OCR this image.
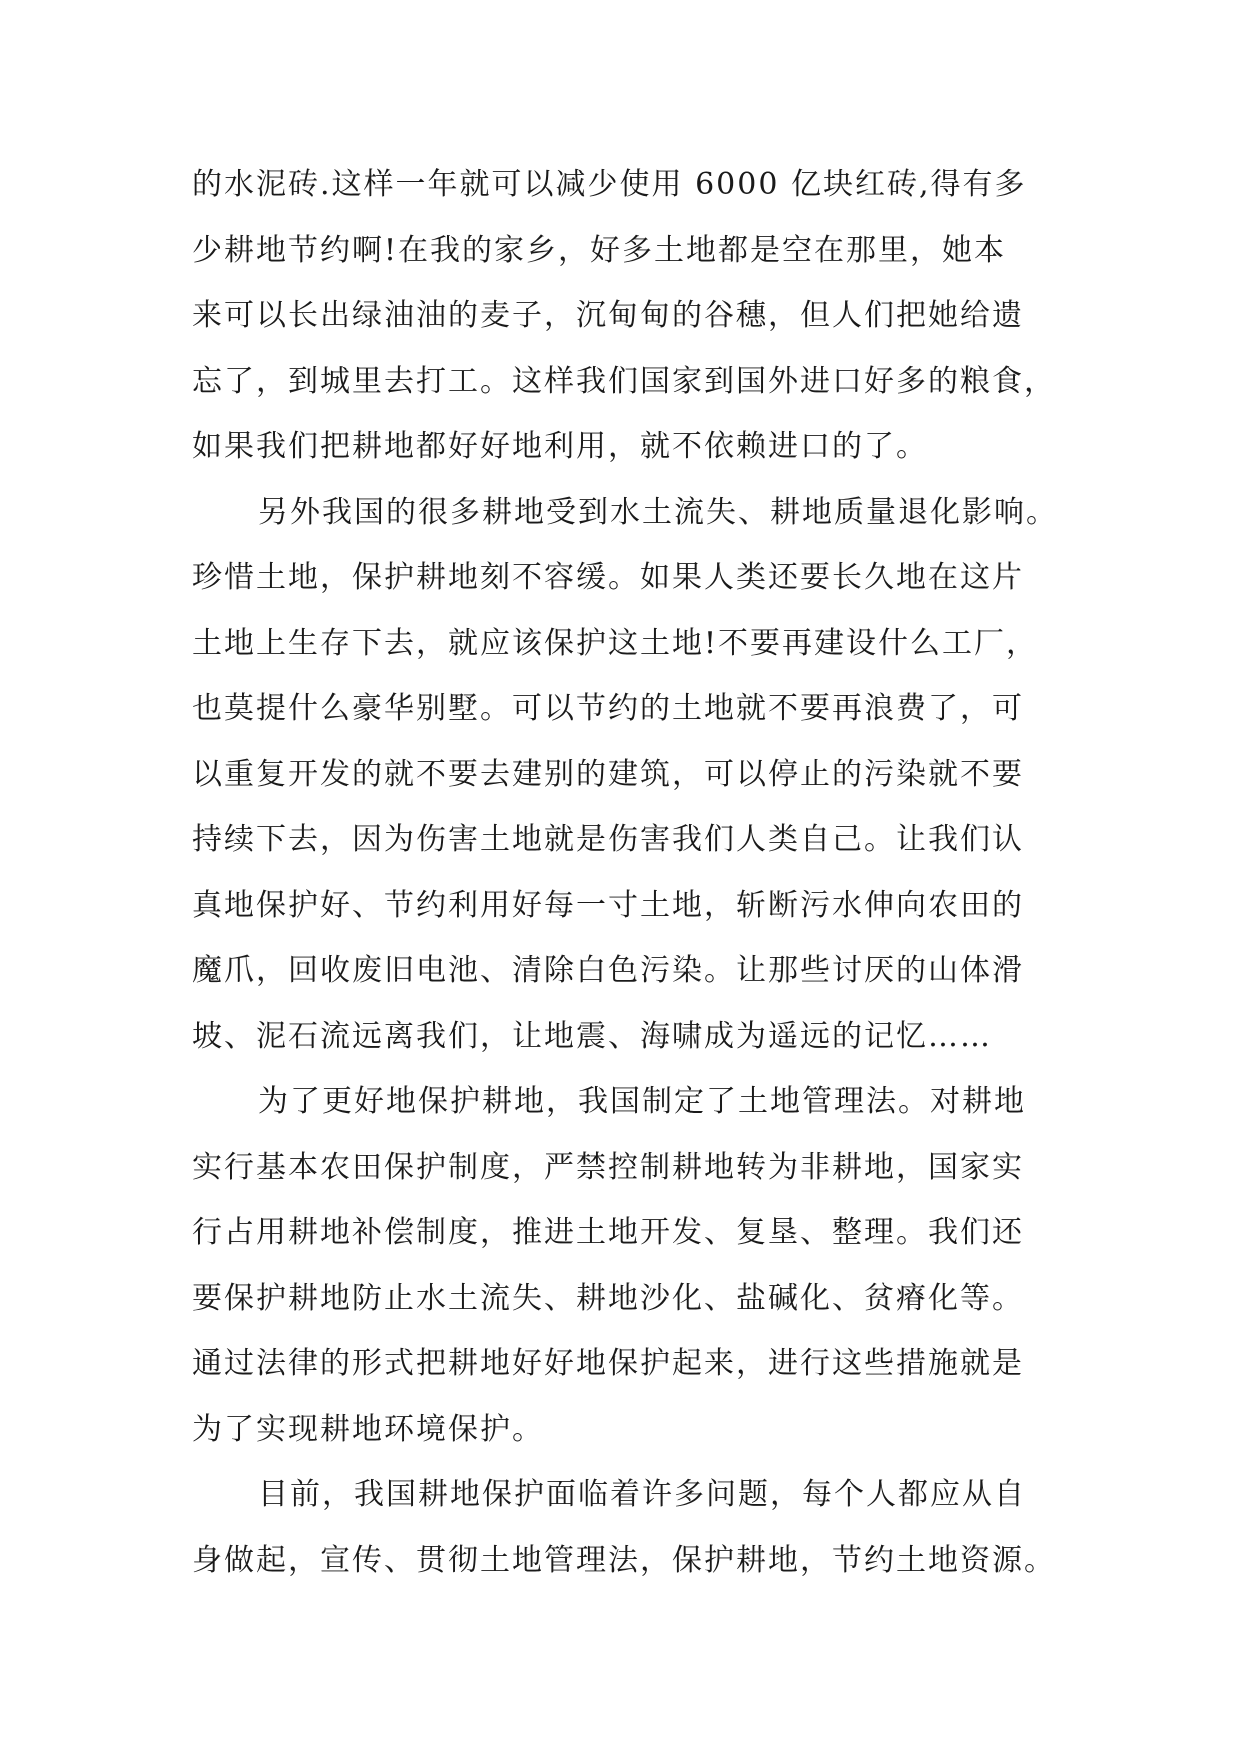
的水泥砖.这样一年就可以减少使用 6000 亿块红砖,得有多
少耕地节约啊!在我的家乡，好多土地都是空在那里，她本
来可以长出绿油油的麦子，沉甸甸的谷穗，但人们把她给遗
忘了，到城里去打工。这样我们国家到国外进口好多的粮食，
如果我们把耕地都好好地利用，就不依赖进口的了。
另外我国的很多耕地受到水土流失、耕地质量退化影响。
珍惜土地，保护耕地刻不容缓。如果人类还要长久地在这片
土地上生存下去，就应该保护这土地!不要再建设什么工厂，
也莫提什么豪华别墅。可以节约的土地就不要再浪费了，可
以重复开发的就不要去建别的建筑，可以停止的污染就不要
持续下去，因为伤害土地就是伤害我们人类自己。让我们认
真地保护好、节约利用好每一寸土地，斩断污水伸向农田的
魔爪，回收废旧电池、清除白色污染。让那些讨厌的山体滑
坡、泥石流远离我们，让地震、海啸成为遥远的记忆……
为了更好地保护耕地，我国制定了土地管理法。对耕地
实行基本农田保护制度，严禁控制耕地转为非耕地，国家实
行占用耕地补偿制度，推进土地开发、复垦、整理。我们还
要保护耕地防止水土流失、耕地沙化、盐碱化、贫瘠化等。
通过法律的形式把耕地好好地保护起来，进行这些措施就是
为了实现耕地环境保护。
目前，我国耕地保护面临着许多问题，每个人都应从自
身做起，宣传、贯彻土地管理法，保护耕地，节约土地资源。
